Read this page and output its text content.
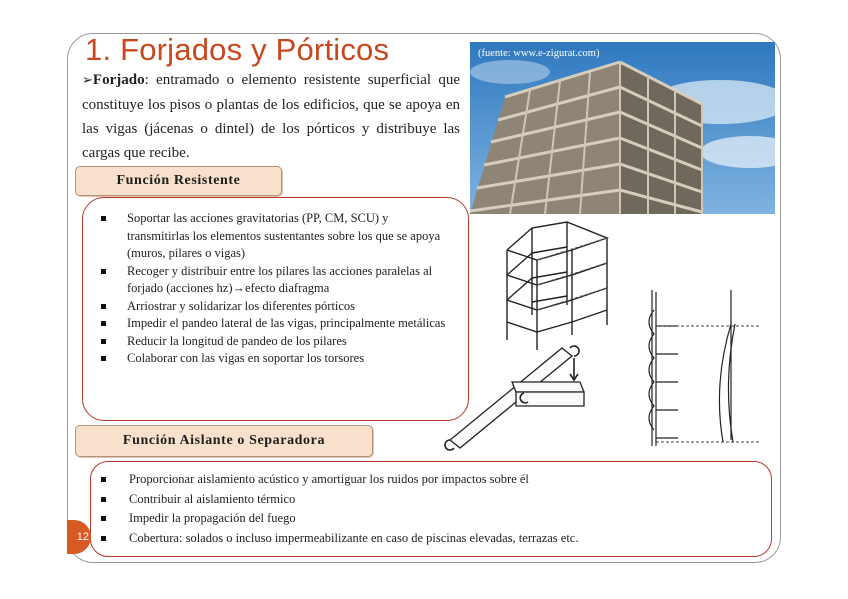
1. Forjados y Pórticos

➢Forjado: entramado o elemento resistente superficial que constituye los pisos o plantas de los edificios, que se apoya en las vigas (jácenas o dintel) de los pórticos y distribuye las cargas que recibe.

(fuente: www.e-zigurat.com)
Función Resistente
Soportar las acciones gravitatorias (PP, CM, SCU) y transmitirlas los elementos sustentantes sobre los que se apoya (muros, pilares o vigas)
Recoger y distribuir entre los pilares las acciones paralelas al forjado (acciones hz)→efecto diafragma
Arriostrar y solidarizar los diferentes pórticos
Impedir el pandeo lateral de las vigas, principalmente metálicas
Reducir la longitud de pandeo de los pilares
Colaborar con las vigas en soportar los torsores
Función Aislante o Separadora
Proporcionar aislamiento acústico y amortiguar los ruidos por impactos sobre él
Contribuir al aislamiento térmico
Impedir la propagación del fuego
Cobertura: solados o incluso impermeabilizante en caso de piscinas elevadas, terrazas etc.
12
